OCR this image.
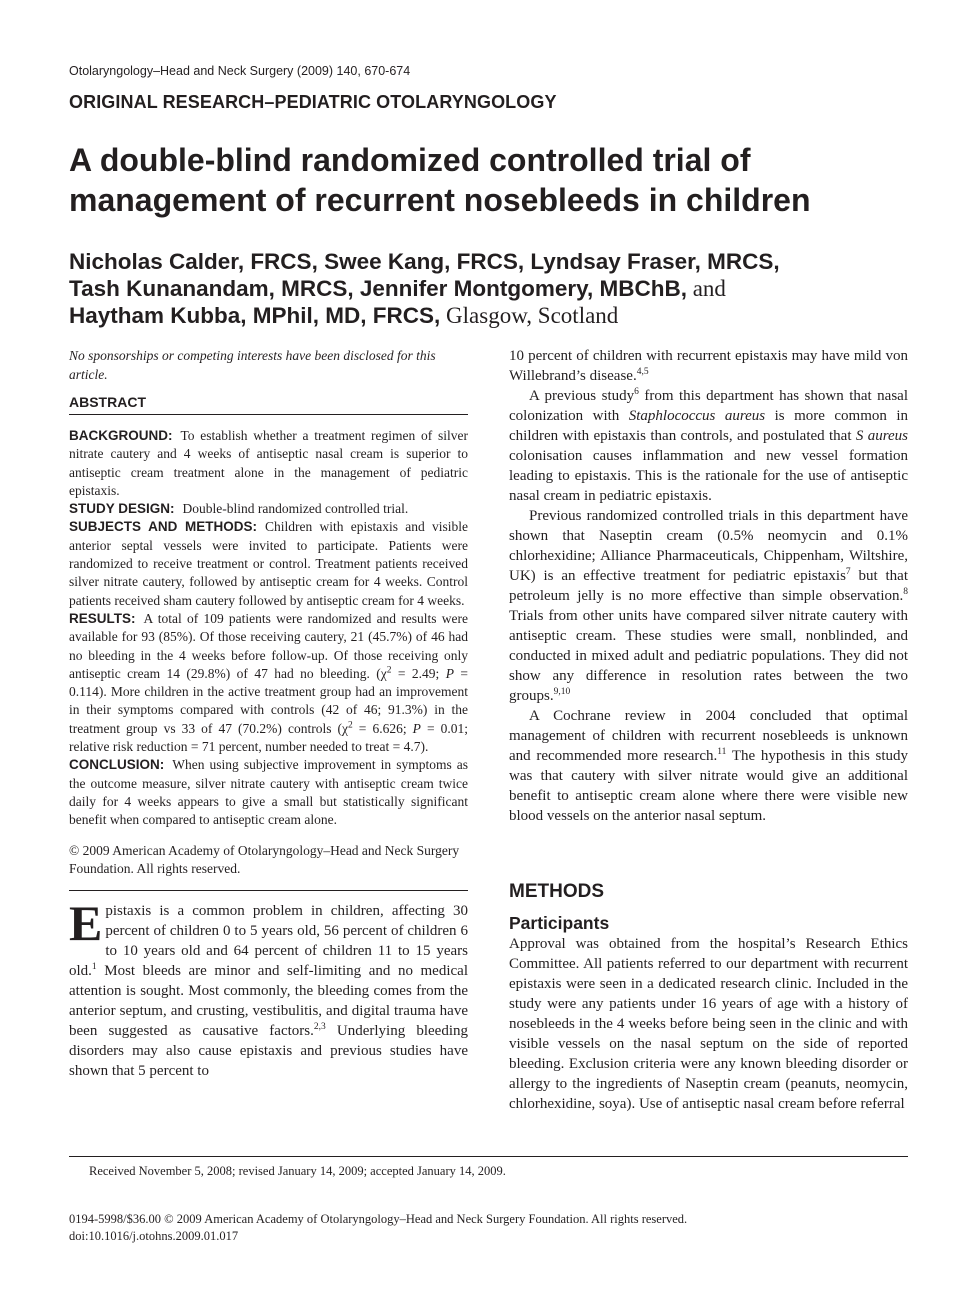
Otolaryngology–Head and Neck Surgery (2009) 140, 670-674
ORIGINAL RESEARCH–PEDIATRIC OTOLARYNGOLOGY
A double-blind randomized controlled trial of management of recurrent nosebleeds in children
Nicholas Calder, FRCS, Swee Kang, FRCS, Lyndsay Fraser, MRCS,
Tash Kunanandam, MRCS, Jennifer Montgomery, MBChB, and
Haytham Kubba, MPhil, MD, FRCS, Glasgow, Scotland

No sponsorships or competing interests have been disclosed for this article.

ABSTRACT

BACKGROUND: To establish whether a treatment regimen of silver nitrate cautery and 4 weeks of antiseptic nasal cream is superior to antiseptic cream treatment alone in the management of pediatric epistaxis.

STUDY DESIGN: Double-blind randomized controlled trial.

SUBJECTS AND METHODS: Children with epistaxis and visible anterior septal vessels were invited to participate. Patients were randomized to receive treatment or control. Treatment patients received silver nitrate cautery, followed by antiseptic cream for 4 weeks. Control patients received sham cautery followed by antiseptic cream for 4 weeks.

RESULTS: A total of 109 patients were randomized and results were available for 93 (85%). Of those receiving cautery, 21 (45.7%) of 46 had no bleeding in the 4 weeks before follow-up. Of those receiving only antiseptic cream 14 (29.8%) of 47 had no bleeding. ($\chi^2 = 2.49$; P = 0.114). More children in the active treatment group had an improvement in their symptoms compared with controls (42 of 46; 91.3%) in the treatment group vs 33 of 47 (70.2%) controls ($\chi^2 = 6.626$; P = 0.01; relative risk reduction = 71 percent, number needed to treat = 4.7).

CONCLUSION: When using subjective improvement in symptoms as the outcome measure, silver nitrate cautery with antiseptic cream twice daily for 4 weeks appears to give a small but statistically significant benefit when compared to antiseptic cream alone.

© 2009 American Academy of Otolaryngology–Head and Neck Surgery Foundation. All rights reserved.

Epistaxis is a common problem in children, affecting 30 percent of children 0 to 5 years old, 56 percent of children 6 to 10 years old and 64 percent of children 11 to 15 years old.$^1$ Most bleeds are minor and self-limiting and no medical attention is sought. Most commonly, the bleeding comes from the anterior septum, and crusting, vestibulitis, and digital trauma have been suggested as causative factors.$^{2,3}$ Underlying bleeding disorders may also cause epistaxis and previous studies have shown that 5 percent to

10 percent of children with recurrent epistaxis may have mild von Willebrand’s disease.$^{4,5}$

A previous study$^6$ from this department has shown that nasal colonization with Staphlococcus aureus is more common in children with epistaxis than controls, and postulated that S aureus colonisation causes inflammation and new vessel formation leading to epistaxis. This is the rationale for the use of antiseptic nasal cream in pediatric epistaxis.

Previous randomized controlled trials in this department have shown that Naseptin cream (0.5% neomycin and 0.1% chlorhexidine; Alliance Pharmaceuticals, Chippenham, Wiltshire, UK) is an effective treatment for pediatric epistaxis$^7$ but that petroleum jelly is no more effective than simple observation.$^8$ Trials from other units have compared silver nitrate cautery with antiseptic cream. These studies were small, nonblinded, and conducted in mixed adult and pediatric populations. They did not show any difference in resolution rates between the two groups.$^{9,10}$

A Cochrane review in 2004 concluded that optimal management of children with recurrent nosebleeds is unknown and recommended more research.$^{11}$ The hypothesis in this study was that cautery with silver nitrate would give an additional benefit to antiseptic cream alone where there were visible new blood vessels on the anterior nasal septum.

METHODS
Participants

Approval was obtained from the hospital’s Research Ethics Committee. All patients referred to our department with recurrent epistaxis were seen in a dedicated research clinic. Included in the study were any patients under 16 years of age with a history of nosebleeds in the 4 weeks before being seen in the clinic and with visible vessels on the nasal septum on the side of reported bleeding. Exclusion criteria were any known bleeding disorder or allergy to the ingredients of Naseptin cream (peanuts, neomycin, chlorhexidine, soya). Use of antiseptic nasal cream before referral

Received November 5, 2008; revised January 14, 2009; accepted January 14, 2009.
0194-5998/$36.00 © 2009 American Academy of Otolaryngology–Head and Neck Surgery Foundation. All rights reserved.
doi:10.1016/j.otohns.2009.01.017
